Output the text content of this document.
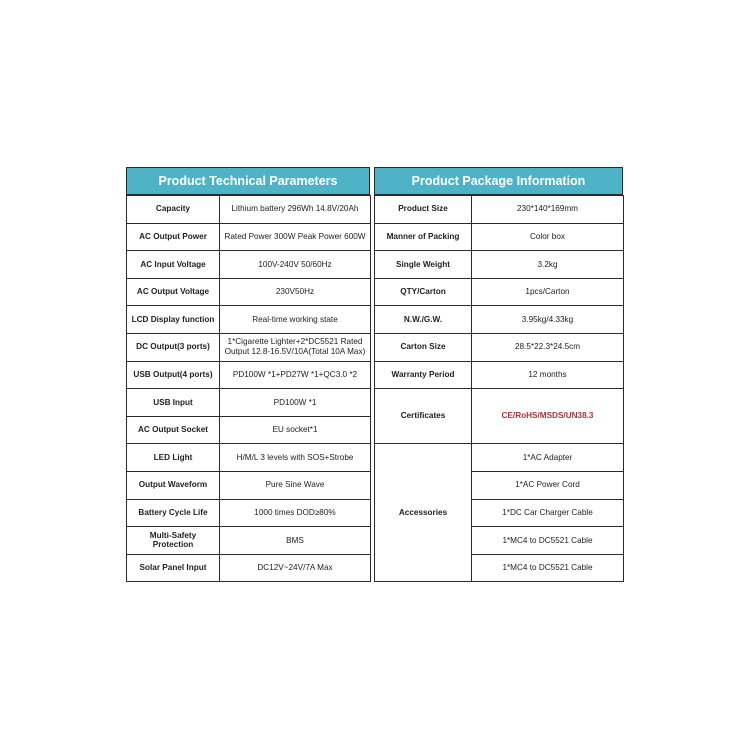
Product Technical Parameters	Product Package Information
Capacity	Lithium battery 296Wh 14.8V/20Ah
AC Output Power	Rated Power 300W Peak Power 600W
AC Input Voltage	100V-240V 50/60Hz
AC Output Voltage	230V50Hz
LCD Display function	Real-time working state
DC Output(3 ports)	1*Cigarette Lighter+2*DC5521 Rated Output 12.8-16.5V/10A(Total 10A Max)
USB Output(4 ports)	PD100W *1+PD27W *1+QC3.0 *2
USB Input	PD100W *1
AC Output Socket	EU socket*1
LED Light	H/M/L 3 levels with SOS+Strobe
Output Waveform	Pure Sine Wave
Battery Cycle Life	1000 times DOD≥80%
Multi-Safety Protection	BMS
Solar Panel Input	DC12V~24V/7A Max
Product Size	230*140*169mm
Manner of Packing	Color box
Single Weight	3.2kg
QTY/Carton	1pcs/Carton
N.W./G.W.	3.95kg/4.33kg
Carton Size	28.5*22.3*24.5cm
Warranty Period	12 months
Certificates	CE/RoHS/MSDS/UN38.3
Accessories	1*AC Adapter
	1*AC Power Cord
	1*DC Car Charger Cable
	1*MC4 to DC5521 Cable
	1*MC4 to DC5521 Cable
